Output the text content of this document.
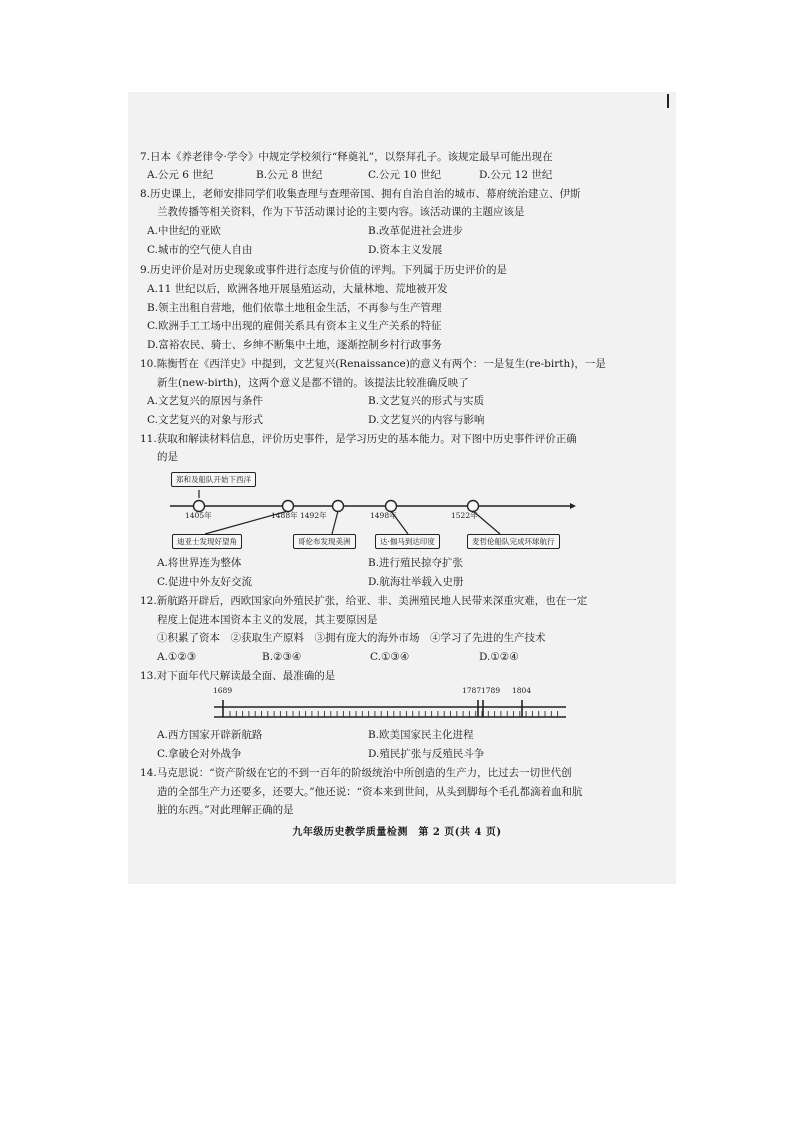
7.日本《养老律令·学令》中规定学校须行“释奠礼”，以祭拜孔子。该规定最早可能出现在
A.公元 6 世纪	B.公元 8 世纪	C.公元 10 世纪	D.公元 12 世纪
8.历史课上，老师安排同学们收集查理与查理帝国、拥有自治自治的城市、幕府统治建立、伊斯
兰教传播等相关资料，作为下节活动课讨论的主要内容。该活动课的主题应该是
A.中世纪的亚欧	B.改革促进社会进步
C.城市的空气使人自由	D.资本主义发展
9.历史评价是对历史现象或事件进行态度与价值的评判。下列属于历史评价的是
A.11 世纪以后，欧洲各地开展垦殖运动，大量林地、荒地被开发
B.领主出租自营地，他们依靠土地租金生活，不再参与生产管理
C.欧洲手工工场中出现的雇佣关系具有资本主义生产关系的特征
D.富裕农民、骑士、乡绅不断集中土地，逐渐控制乡村行政事务
10.陈衡哲在《西洋史》中提到，文艺复兴(Renaissance)的意义有两个：一是复生(re-birth)，一是
新生(new-birth)，这两个意义是都不错的。该提法比较准确反映了
A.文艺复兴的原因与条件	B.文艺复兴的形式与实质
C.文艺复兴的对象与形式	D.文艺复兴的内容与影响
11.获取和解读材料信息，评价历史事件，是学习历史的基本能力。对下图中历史事件评价正确
的是
郑和及船队开始下西洋
1405年	1488年 1492年	1498年	1522年
迪亚士发现好望角	哥伦布发现美洲	达·伽马到达印度	麦哲伦船队完成环球航行
A.将世界连为整体	B.进行殖民掠夺扩张
C.促进中外友好交流	D.航海壮举载入史册
12.新航路开辟后，西欧国家向外殖民扩张，给亚、非、美洲殖民地人民带来深重灾难，也在一定
程度上促进本国资本主义的发展，其主要原因是
①积累了资本　②获取生产原料　③拥有庞大的海外市场　④学习了先进的生产技术
A.①②③	B.②③④	C.①③④	D.①②④
13.对下面年代尺解读最全面、最准确的是
1689	1787 1789 1804
A.西方国家开辟新航路	B.欧美国家民主化进程
C.拿破仑对外战争	D.殖民扩张与反殖民斗争
14.马克思说：“资产阶级在它的不到一百年的阶级统治中所创造的生产力，比过去一切世代创
造的全部生产力还要多，还要大。”他还说：“资本来到世间，从头到脚每个毛孔都滴着血和肮
脏的东西。”对此理解正确的是
九年级历史教学质量检测　第 2 页(共 4 页)
